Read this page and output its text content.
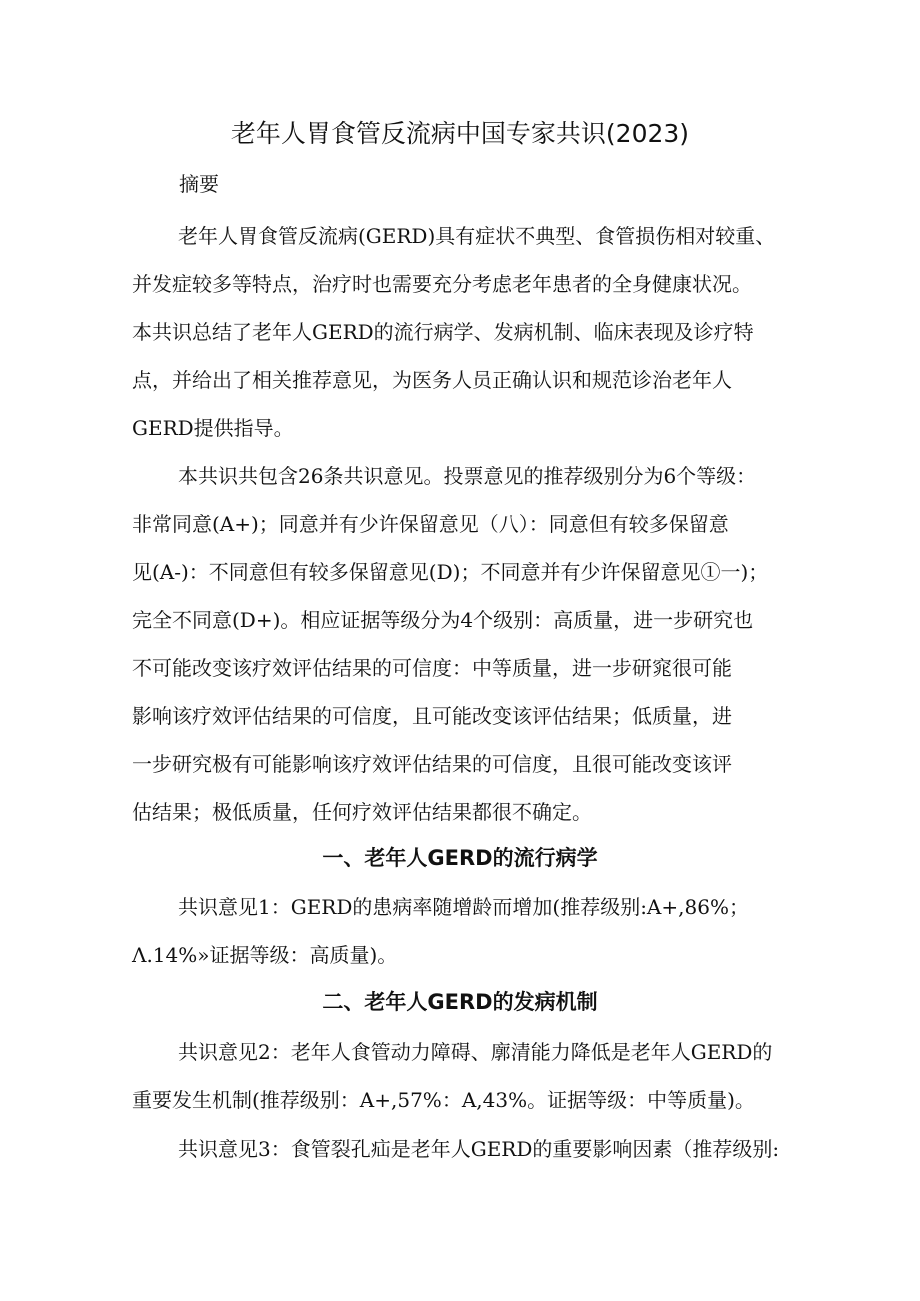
老年人胃食管反流病中国专家共识(2023)
摘要
老年人胃食管反流病(GERD)具有症状不典型、食管损伤相对较重、
并发症较多等特点，治疗时也需要充分考虑老年患者的全身健康状况。
本共识总结了老年人GERD的流行病学、发病机制、临床表现及诊疗特
点，并给出了相关推荐意见，为医务人员正确认识和规范诊治老年人
GERD提供指导。
本共识共包含26条共识意见。投票意见的推荐级别分为6个等级：
非常同意(A+)；同意并有少许保留意见（八）：同意但有较多保留意
见(A-)：不同意但有较多保留意见(D)；不同意并有少许保留意见①一)；
完全不同意(D+)。相应证据等级分为4个级别：高质量，进一步研究也
不可能改变该疗效评估结果的可信度：中等质量，进一步研窕很可能
影响该疗效评估结果的可信度，且可能改变该评估结果；低质量，进
一步研究极有可能影响该疗效评估结果的可信度，且很可能改变该评
估结果；极低质量，任何疗效评估结果都很不确定。
一、老年人GERD的流行病学
共识意见1：GERD的患病率随增龄而增加(推荐级别:A+,86%；
Λ.14%»证据等级：高质量)。
二、老年人GERD的发病机制
共识意见2：老年人食管动力障碍、廓清能力降低是老年人GERD的
重要发生机制(推荐级别：A+,57%：A,43%。证据等级：中等质量)。
共识意见3：食管裂孔疝是老年人GERD的重要影响因素（推荐级别:
